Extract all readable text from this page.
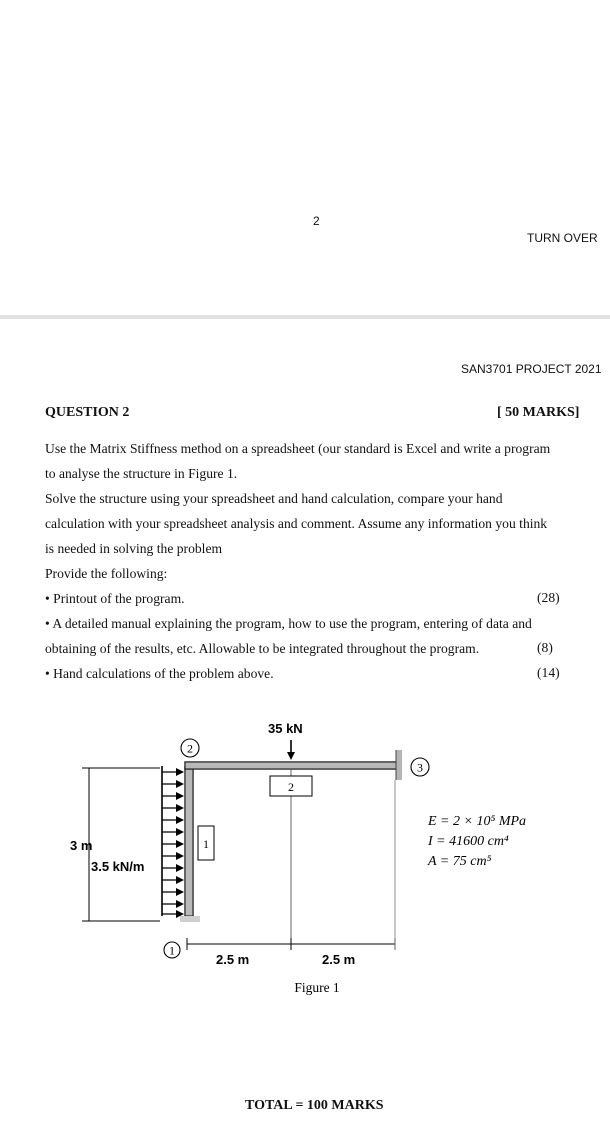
2
TURN OVER
SAN3701 PROJECT 2021
QUESTION 2	[ 50 MARKS]
Use the Matrix Stiffness method on a spreadsheet (our standard is Excel and write a program
to analyse the structure in Figure 1.
Solve the structure using your spreadsheet and hand calculation, compare your hand
calculation with your spreadsheet analysis and comment. Assume any information you think
is needed in solving the problem
Provide the following:
• Printout of the program.	(28)
• A detailed manual explaining the program, how to use the program, entering of data and
obtaining of the results, etc. Allowable to be integrated throughout the program.	(8)
• Hand calculations of the problem above.	(14)
35 kN
3.5 kN/m
3 m
2.5 m	2.5 m
1
2
3
1
2
E = 2 × 10⁵ MPa
I = 41600 cm⁴
A = 75 cm⁵
Figure 1
TOTAL = 100 MARKS
